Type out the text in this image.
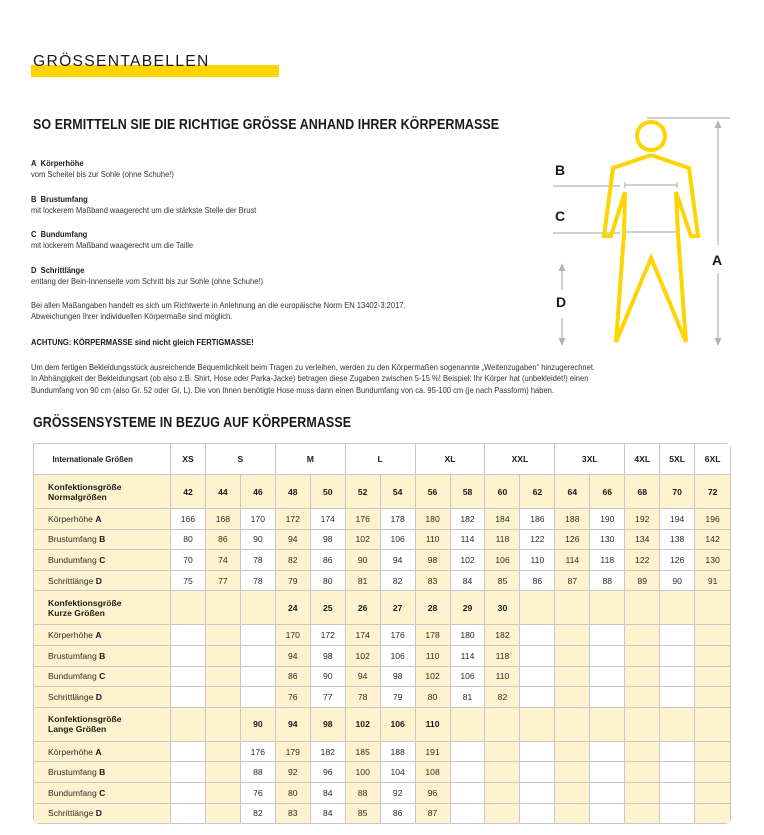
GRÖSSENTABELLEN
SO ERMITTELN SIE DIE RICHTIGE GRÖSSE ANHAND IHRER KÖRPERMASSE
A Körperhöhe
vom Scheitel bis zur Sohle (ohne Schuhe!)
B Brustumfang
mit lockerem Maßband waagerecht um die stärkste Stelle der Brust
C Bundumfang
mit lockerem Maßband waagerecht um die Taille
D Schrittlänge
entlang der Bein-Innenseite vom Schritt bis zur Sohle (ohne Schuhe!)
Bei allen Maßangaben handelt es sich um Richtwerte in Anlehnung an die europäische Norm EN 13402-3:2017.
Abweichungen Ihrer individuellen Körpermaße sind möglich.
ACHTUNG: KÖRPERMASSE sind nicht gleich FERTIGMASSE!
Um dem fertigen Bekleidungsstück ausreichende Bequemlichkeit beim Tragen zu verleihen, werden zu den Körpermaßen sogenannte „Weitenzugaben“ hinzugerechnet.
In Abhängigkeit der Bekleidungsart (ob also z.B. Shirt, Hose oder Parka-Jacke) betragen diese Zugaben zwischen 5-15 %! Beispiel: Ihr Körper hat (unbekleidet!) einen
Bundumfang von 90 cm (also Gr. 52 oder Gr. L). Die von Ihnen benötigte Hose muss dann einen Bundumfang von ca. 95-100 cm (je nach Passform) haben.
B
C
D
A
GRÖSSENSYSTEME IN BEZUG AUF KÖRPERMASSE
Internationale Größen	XS	S		M		L		XL		XXL		3XL		4XL	5XL	6XL

Konfektionsgröße
Normalgrößen	42	44	46	48	50	52	54	56	58	60	62	64	66	68	70	72
Körperhöhe A	166	168	170	172	174	176	178	180	182	184	186	188	190	192	194	196
Brustumfang B	80	86	90	94	98	102	106	110	114	118	122	126	130	134	138	142
Bundumfang C	70	74	78	82	86	90	94	98	102	106	110	114	118	122	126	130
Schrittlänge D	75	77	78	79	80	81	82	83	84	85	86	87	88	89	90	91

Konfektionsgröße
Kurze Größen				24	25	26	27	28	29	30						
Körperhöhe A				170	172	174	176	178	180	182						
Brustumfang B				94	98	102	106	110	114	118						
Bundumfang C				86	90	94	98	102	106	110						
Schrittlänge D				76	77	78	79	80	81	82						

Konfektionsgröße
Lange Größen			90	94	98	102	106	110								
Körperhöhe A			176	179	182	185	188	191								
Brustumfang B			88	92	96	100	104	108								
Bundumfang C			76	80	84	88	92	96								
Schrittlänge D			82	83	84	85	86	87								
